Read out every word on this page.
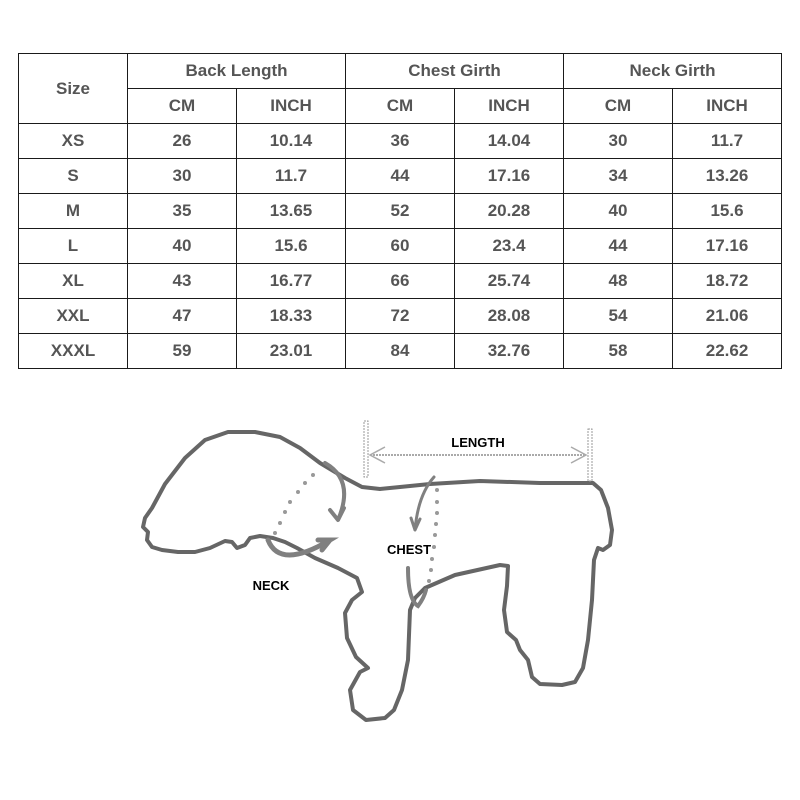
Size	Back Length		Chest Girth		Neck Girth	
	CM	INCH	CM	INCH	CM	INCH
XS	26	10.14	36	14.04	30	11.7
S	30	11.7	44	17.16	34	13.26
M	35	13.65	52	20.28	40	15.6
L	40	15.6	60	23.4	44	17.16
XL	43	16.77	66	25.74	48	18.72
XXL	47	18.33	72	28.08	54	21.06
XXXL	59	23.01	84	32.76	58	22.62
LENGTH
NECK
CHEST
